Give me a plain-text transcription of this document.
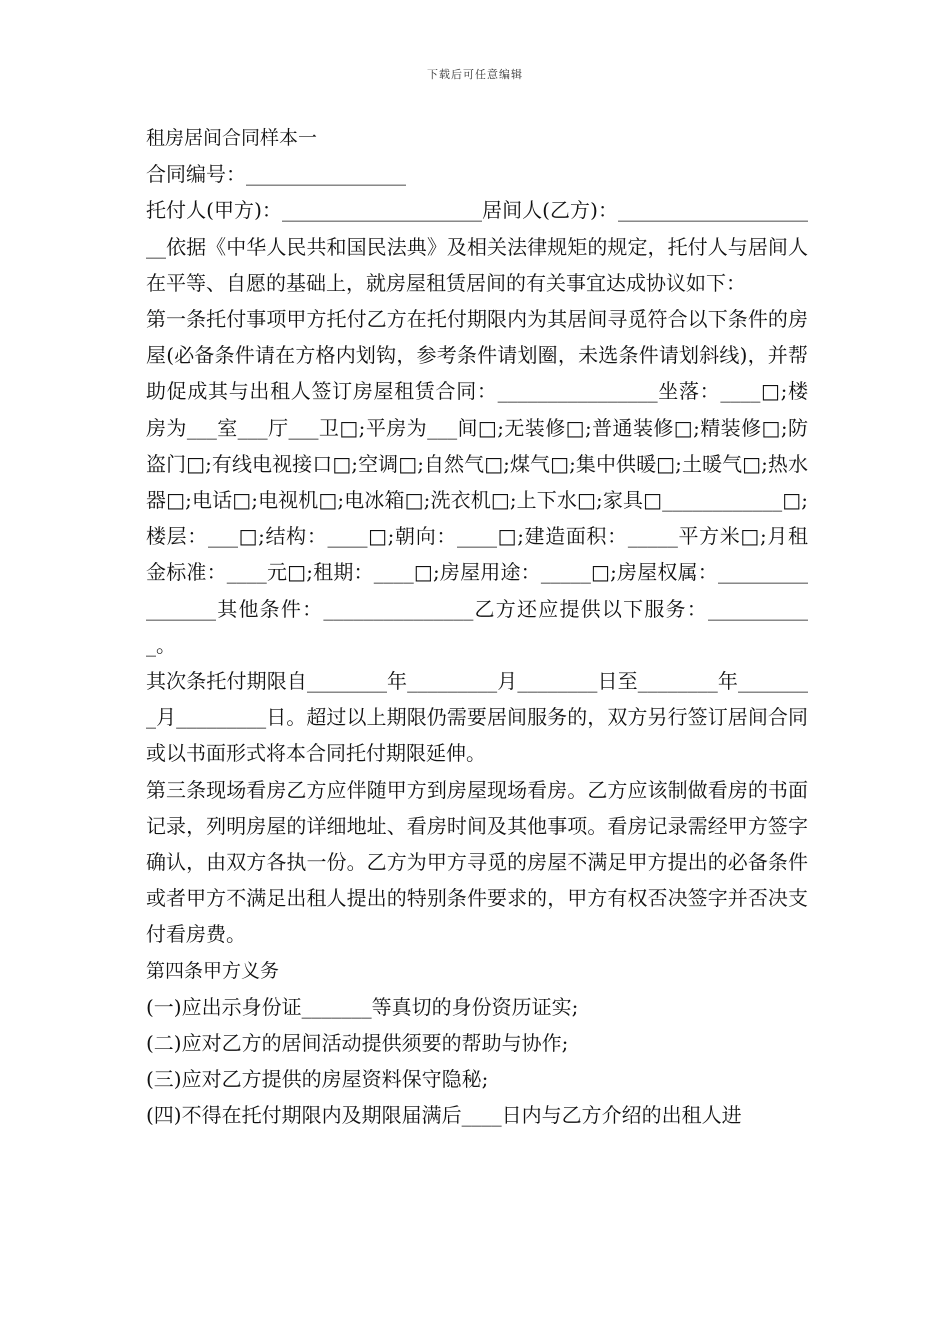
下载后可任意编辑

租房居间合同样本一

合同编号：________________

托付人(甲方)：____________________居间人(乙方)：_____________________依据《中华人民共和国民法典》及相关法律规矩的规定，托付人与居间人在平等、自愿的基础上，就房屋租赁居间的有关事宜达成协议如下：

第一条托付事项甲方托付乙方在托付期限内为其居间寻觅符合以下条件的房屋(必备条件请在方格内划钩，参考条件请划圈，未选条件请划斜线)，并帮助促成其与出租人签订房屋租赁合同：________________坐落：____□;楼房为___室___厅___卫□;平房为___间□;无装修□;普通装修□;精装修□;防盗门□;有线电视接口□;空调□;自然气□;煤气□;集中供暖□;土暖气□;热水器□;电话□;电视机□;电冰箱□;洗衣机□;上下水□;家具□____________□;楼层：___□;结构：____□;朝向：____□;建造面积：_____平方米□;月租金标准：____元□;租期：____□;房屋用途：_____□;房屋权属：________________其他条件：_______________乙方还应提供以下服务：___________。

其次条托付期限自________年_________月________日至________年________月_________日。超过以上期限仍需要居间服务的，双方另行签订居间合同或以书面形式将本合同托付期限延伸。

第三条现场看房乙方应伴随甲方到房屋现场看房。乙方应该制做看房的书面记录，列明房屋的详细地址、看房时间及其他事项。看房记录需经甲方签字确认，由双方各执一份。乙方为甲方寻觅的房屋不满足甲方提出的必备条件或者甲方不满足出租人提出的特别条件要求的，甲方有权否决签字并否决支付看房费。

第四条甲方义务

(一)应出示身份证_______等真切的身份资历证实;

(二)应对乙方的居间活动提供须要的帮助与协作;

(三)应对乙方提供的房屋资料保守隐秘;

(四)不得在托付期限内及期限届满后____日内与乙方介绍的出租人进
